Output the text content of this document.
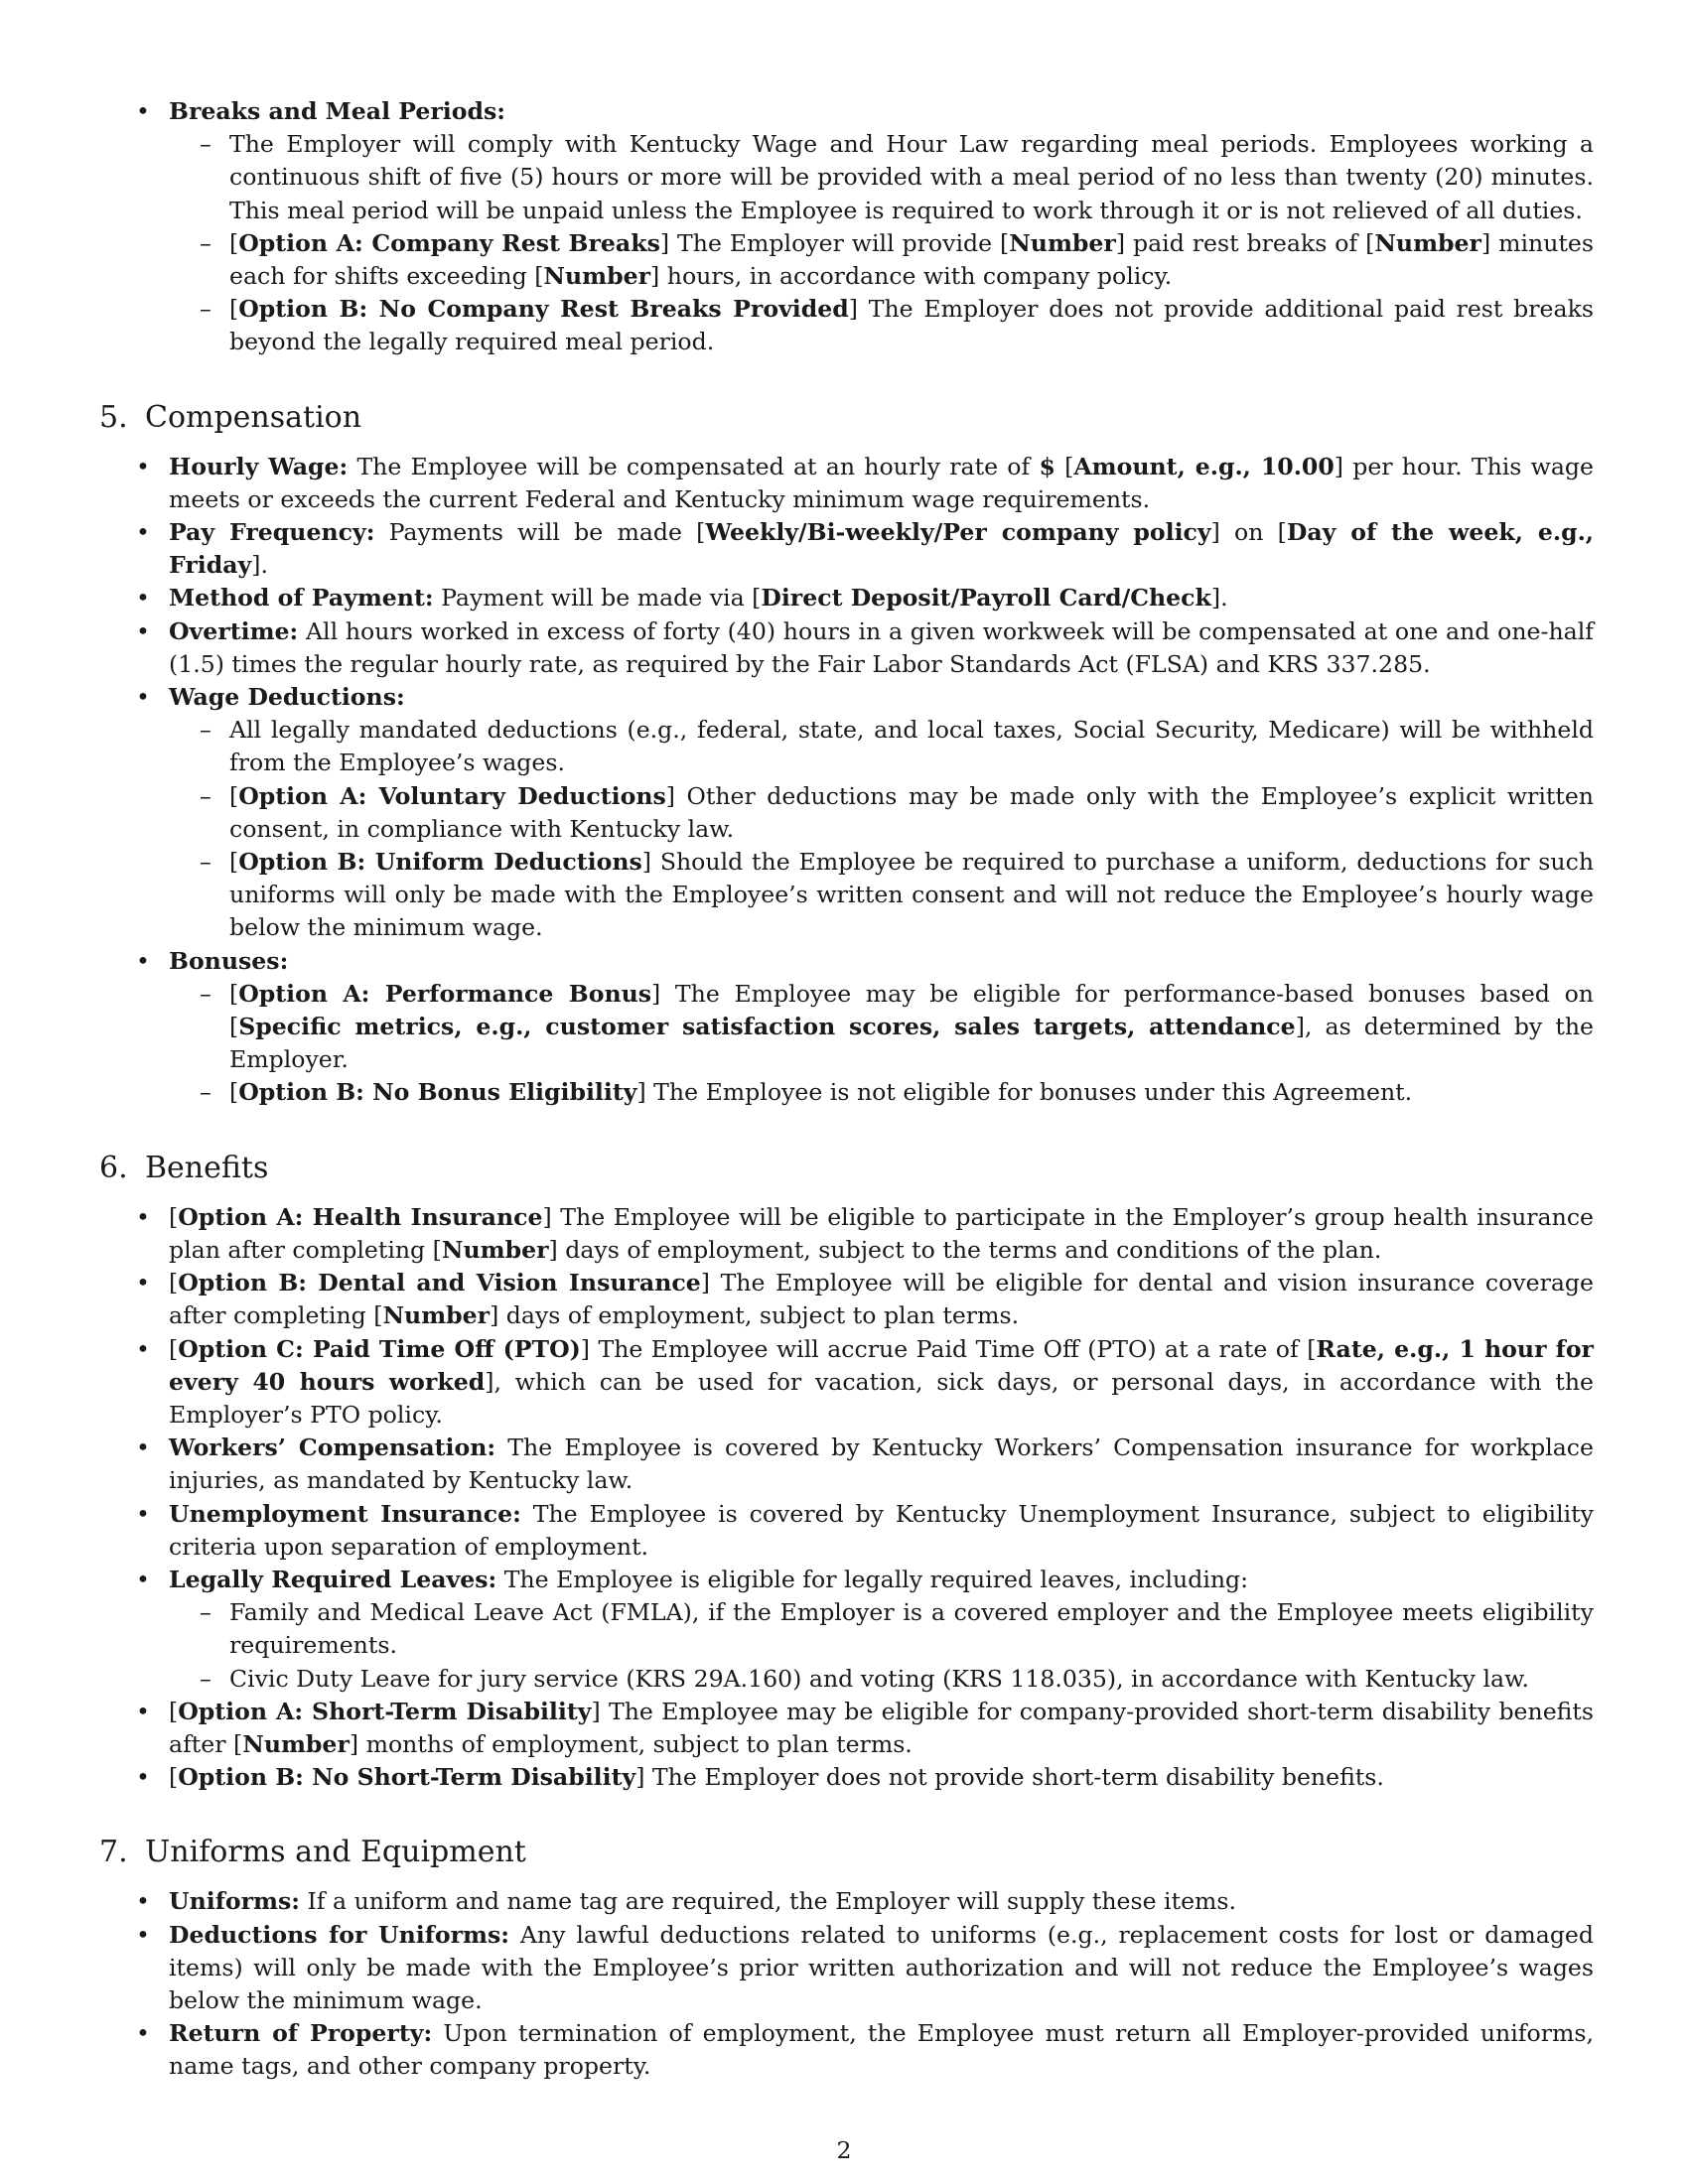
• Breaks and Meal Periods:
– The Employer will comply with Kentucky Wage and Hour Law regarding meal periods. Employees working a continuous shift of five (5) hours or more will be provided with a meal period of no less than twenty (20) minutes. This meal period will be unpaid unless the Employee is required to work through it or is not relieved of all duties.
– [Option A: Company Rest Breaks] The Employer will provide [Number] paid rest breaks of [Number] minutes each for shifts exceeding [Number] hours, in accordance with company policy.
– [Option B: No Company Rest Breaks Provided] The Employer does not provide additional paid rest breaks beyond the legally required meal period.
5. Compensation
• Hourly Wage: The Employee will be compensated at an hourly rate of $ [Amount, e.g., 10.00] per hour. This wage meets or exceeds the current Federal and Kentucky minimum wage requirements.
• Pay Frequency: Payments will be made [Weekly/Bi-weekly/Per company policy] on [Day of the week, e.g., Friday].
• Method of Payment: Payment will be made via [Direct Deposit/Payroll Card/Check].
• Overtime: All hours worked in excess of forty (40) hours in a given workweek will be compensated at one and one-half (1.5) times the regular hourly rate, as required by the Fair Labor Standards Act (FLSA) and KRS 337.285.
• Wage Deductions:
– All legally mandated deductions (e.g., federal, state, and local taxes, Social Security, Medicare) will be withheld from the Employee’s wages.
– [Option A: Voluntary Deductions] Other deductions may be made only with the Employee’s explicit written consent, in compliance with Kentucky law.
– [Option B: Uniform Deductions] Should the Employee be required to purchase a uniform, deductions for such uniforms will only be made with the Employee’s written consent and will not reduce the Employee’s hourly wage below the minimum wage.
• Bonuses:
– [Option A: Performance Bonus] The Employee may be eligible for performance-based bonuses based on [Specific metrics, e.g., customer satisfaction scores, sales targets, attendance], as determined by the Employer.
– [Option B: No Bonus Eligibility] The Employee is not eligible for bonuses under this Agreement.
6. Benefits
• [Option A: Health Insurance] The Employee will be eligible to participate in the Employer’s group health insurance plan after completing [Number] days of employment, subject to the terms and conditions of the plan.
• [Option B: Dental and Vision Insurance] The Employee will be eligible for dental and vision insurance coverage after completing [Number] days of employment, subject to plan terms.
• [Option C: Paid Time Off (PTO)] The Employee will accrue Paid Time Off (PTO) at a rate of [Rate, e.g., 1 hour for every 40 hours worked], which can be used for vacation, sick days, or personal days, in accordance with the Employer’s PTO policy.
• Workers’ Compensation: The Employee is covered by Kentucky Workers’ Compensation insurance for workplace injuries, as mandated by Kentucky law.
• Unemployment Insurance: The Employee is covered by Kentucky Unemployment Insurance, subject to eligibility criteria upon separation of employment.
• Legally Required Leaves: The Employee is eligible for legally required leaves, including:
– Family and Medical Leave Act (FMLA), if the Employer is a covered employer and the Employee meets eligibility requirements.
– Civic Duty Leave for jury service (KRS 29A.160) and voting (KRS 118.035), in accordance with Kentucky law.
• [Option A: Short-Term Disability] The Employee may be eligible for company-provided short-term disability benefits after [Number] months of employment, subject to plan terms.
• [Option B: No Short-Term Disability] The Employer does not provide short-term disability benefits.
7. Uniforms and Equipment
• Uniforms: If a uniform and name tag are required, the Employer will supply these items.
• Deductions for Uniforms: Any lawful deductions related to uniforms (e.g., replacement costs for lost or damaged items) will only be made with the Employee’s prior written authorization and will not reduce the Employee’s wages below the minimum wage.
• Return of Property: Upon termination of employment, the Employee must return all Employer-provided uniforms, name tags, and other company property.
2
